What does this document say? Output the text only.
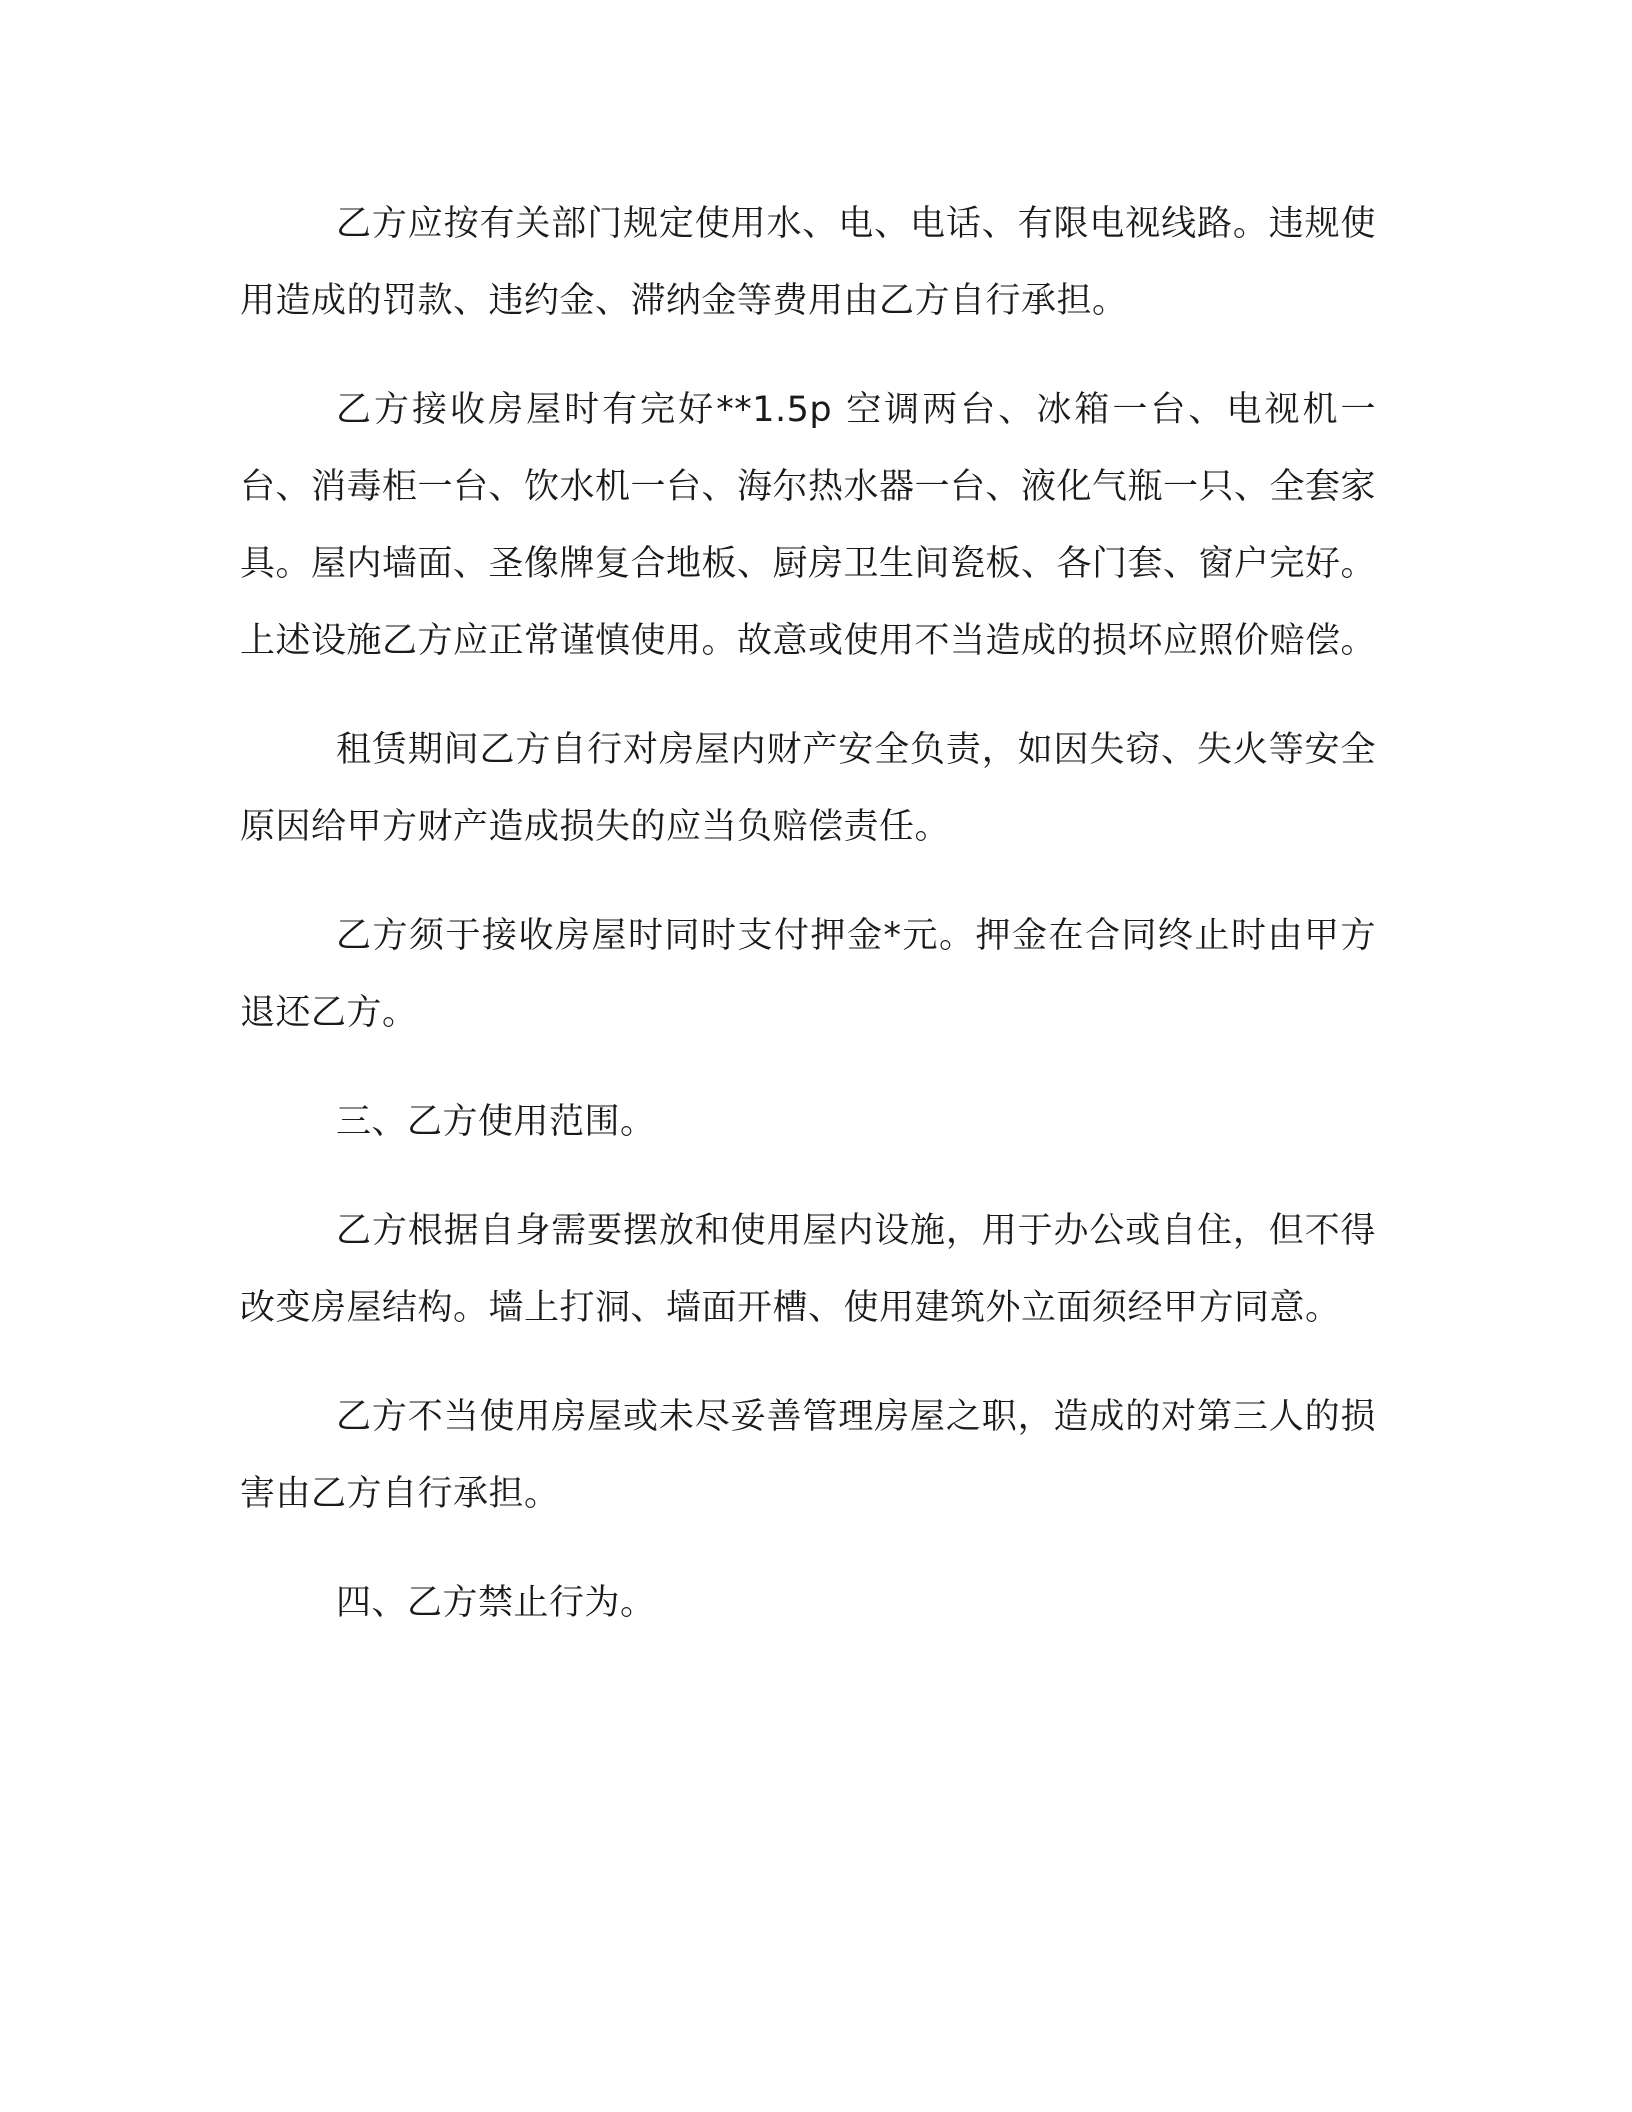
乙方应按有关部门规定使用水、电、电话、有限电视线路。违规使用造成的罚款、违约金、滞纳金等费用由乙方自行承担。

乙方接收房屋时有完好**1.5p 空调两台、冰箱一台、电视机一台、消毒柜一台、饮水机一台、海尔热水器一台、液化气瓶一只、全套家具。屋内墙面、圣像牌复合地板、厨房卫生间瓷板、各门套、窗户完好。上述设施乙方应正常谨慎使用。故意或使用不当造成的损坏应照价赔偿。

租赁期间乙方自行对房屋内财产安全负责，如因失窃、失火等安全原因给甲方财产造成损失的应当负赔偿责任。

乙方须于接收房屋时同时支付押金*元。押金在合同终止时由甲方退还乙方。

三、乙方使用范围。

乙方根据自身需要摆放和使用屋内设施，用于办公或自住，但不得改变房屋结构。墙上打洞、墙面开槽、使用建筑外立面须经甲方同意。

乙方不当使用房屋或未尽妥善管理房屋之职，造成的对第三人的损害由乙方自行承担。

四、乙方禁止行为。
